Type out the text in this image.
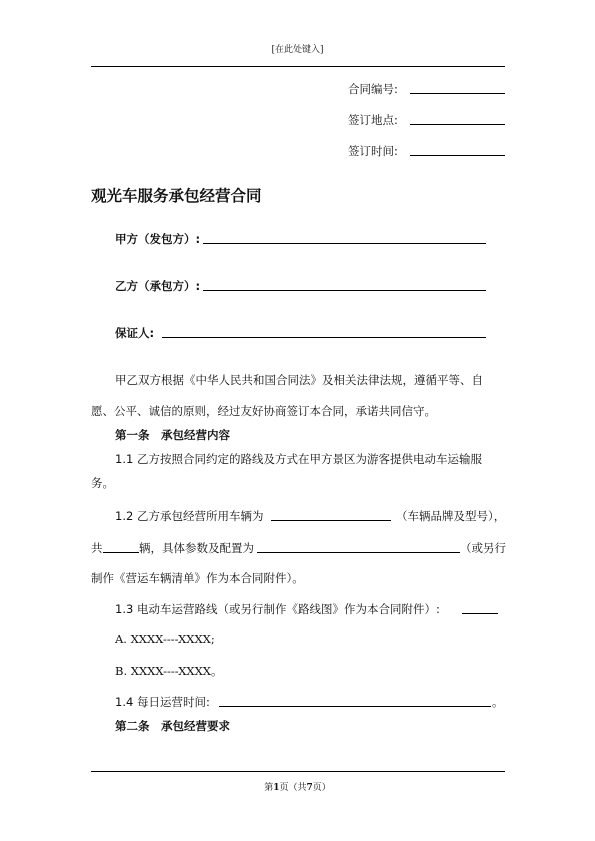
[在此处键入]
合同编号:
签订地点:
签订时间:
观光车服务承包经营合同
甲方（发包方）:
乙方（承包方）:
保证人:
甲乙双方根据《中华人民共和国合同法》及相关法律法规，遵循平等、自
愿、公平、诚信的原则，经过友好协商签订本合同，承诺共同信守。
第一条　承包经营内容
1.1 乙方按照合同约定的路线及方式在甲方景区为游客提供电动车运输服
务。
1.2 乙方承包经营所用车辆为	（车辆品牌及型号），
共	辆，具体参数及配置为	（或另行
制作《营运车辆清单》作为本合同附件）。
1.3 电动车运营路线（或另行制作《路线图》作为本合同附件）:
A. XXXX----XXXX;
B. XXXX----XXXX。
1.4 每日运营时间:	。
第二条　承包经营要求
第1页（共7页）
